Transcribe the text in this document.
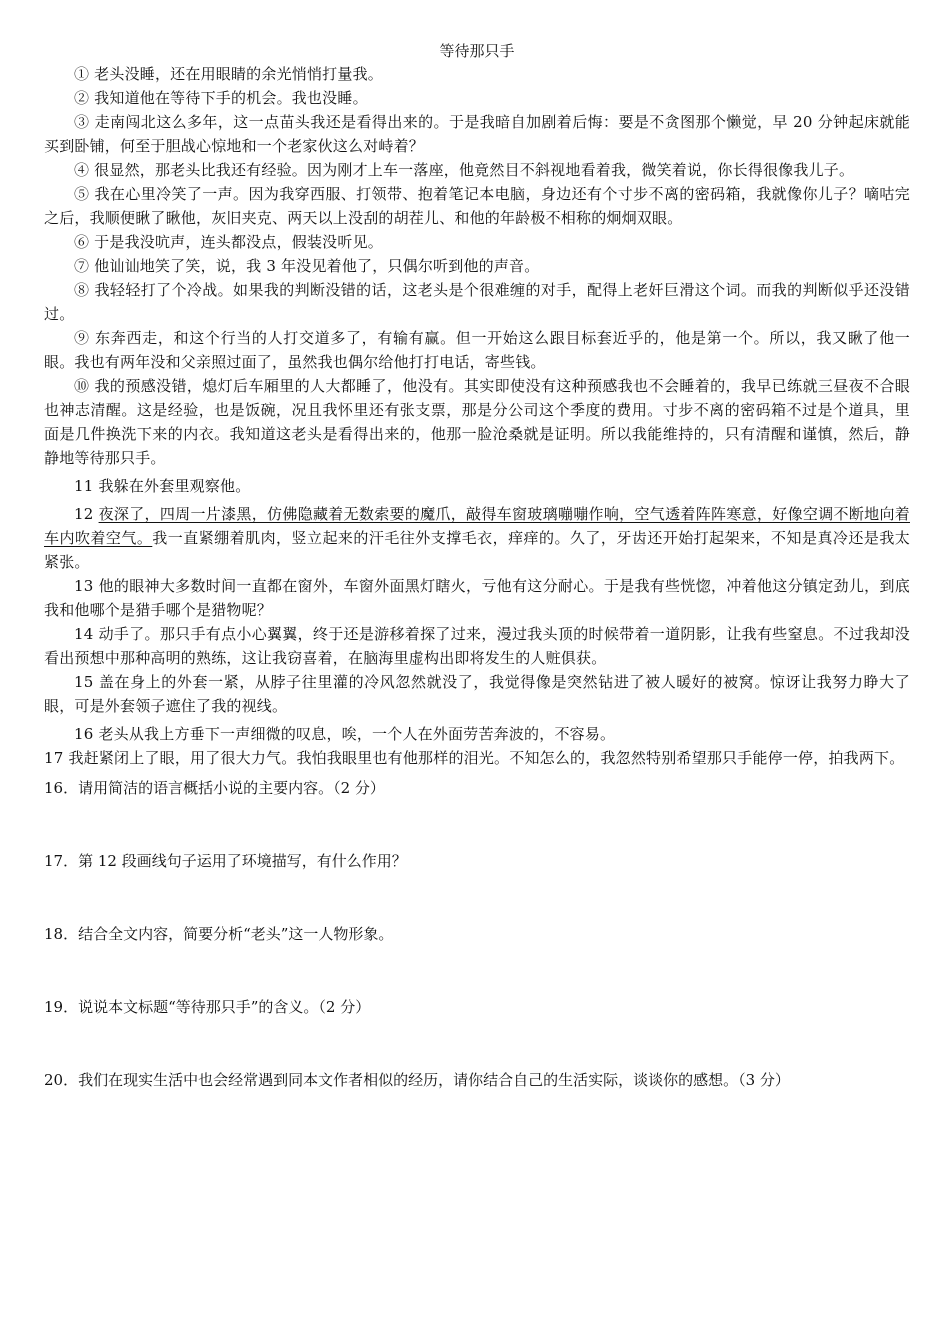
等待那只手

① 老头没睡，还在用眼睛的余光悄悄打量我。

② 我知道他在等待下手的机会。我也没睡。

③ 走南闯北这么多年，这一点苗头我还是看得出来的。于是我暗自加剧着后悔：要是不贪图那个懒觉，早 20 分钟起床就能买到卧铺，何至于胆战心惊地和一个老家伙这么对峙着？

④ 很显然，那老头比我还有经验。因为刚才上车一落座，他竟然目不斜视地看着我，微笑着说，你长得很像我儿子。

⑤ 我在心里冷笑了一声。因为我穿西服、打领带、抱着笔记本电脑，身边还有个寸步不离的密码箱，我就像你儿子？嘀咕完之后，我顺便瞅了瞅他，灰旧夹克、两天以上没刮的胡茬儿、和他的年龄极不相称的炯炯双眼。

⑥ 于是我没吭声，连头都没点，假装没听见。

⑦ 他讪讪地笑了笑，说，我 3 年没见着他了，只偶尔听到他的声音。

⑧ 我轻轻打了个冷战。如果我的判断没错的话，这老头是个很难缠的对手，配得上老奸巨滑这个词。而我的判断似乎还没错过。

⑨ 东奔西走，和这个行当的人打交道多了，有输有赢。但一开始这么跟目标套近乎的，他是第一个。所以，我又瞅了他一眼。我也有两年没和父亲照过面了，虽然我也偶尔给他打打电话，寄些钱。

⑩ 我的预感没错，熄灯后车厢里的人大都睡了，他没有。其实即使没有这种预感我也不会睡着的，我早已练就三昼夜不合眼也神志清醒。这是经验，也是饭碗，况且我怀里还有张支票，那是分公司这个季度的费用。寸步不离的密码箱不过是个道具，里面是几件换洗下来的内衣。我知道这老头是看得出来的，他那一脸沧桑就是证明。所以我能维持的，只有清醒和谨慎，然后，静静地等待那只手。

11 我躲在外套里观察他。

12 夜深了，四周一片漆黑，仿佛隐藏着无数索要的魔爪，敲得车窗玻璃嘣嘣作响，空气透着阵阵寒意，好像空调不断地向着车内吹着空气。我一直紧绷着肌肉，竖立起来的汗毛往外支撑毛衣，痒痒的。久了，牙齿还开始打起架来，不知是真冷还是我太紧张。

13 他的眼神大多数时间一直都在窗外，车窗外面黑灯瞎火，亏他有这分耐心。于是我有些恍惚，冲着他这分镇定劲儿，到底我和他哪个是猎手哪个是猎物呢？

14 动手了。那只手有点小心翼翼，终于还是游移着探了过来，漫过我头顶的时候带着一道阴影，让我有些窒息。不过我却没看出预想中那种高明的熟练，这让我窃喜着，在脑海里虚构出即将发生的人赃俱获。

15 盖在身上的外套一紧，从脖子往里灌的冷风忽然就没了，我觉得像是突然钻进了被人暖好的被窝。惊讶让我努力睁大了眼，可是外套领子遮住了我的视线。

16 老头从我上方垂下一声细微的叹息，唉，一个人在外面劳苦奔波的，不容易。

17 我赶紧闭上了眼，用了很大力气。我怕我眼里也有他那样的泪光。不知怎么的，我忽然特别希望那只手能停一停，拍我两下。

16．请用简洁的语言概括小说的主要内容。（2 分）

17．第 12 段画线句子运用了环境描写，有什么作用？

18．结合全文内容，简要分析“老头”这一人物形象。

19．说说本文标题“等待那只手”的含义。（2 分）

20．我们在现实生活中也会经常遇到同本文作者相似的经历，请你结合自己的生活实际，谈谈你的感想。（3 分）
